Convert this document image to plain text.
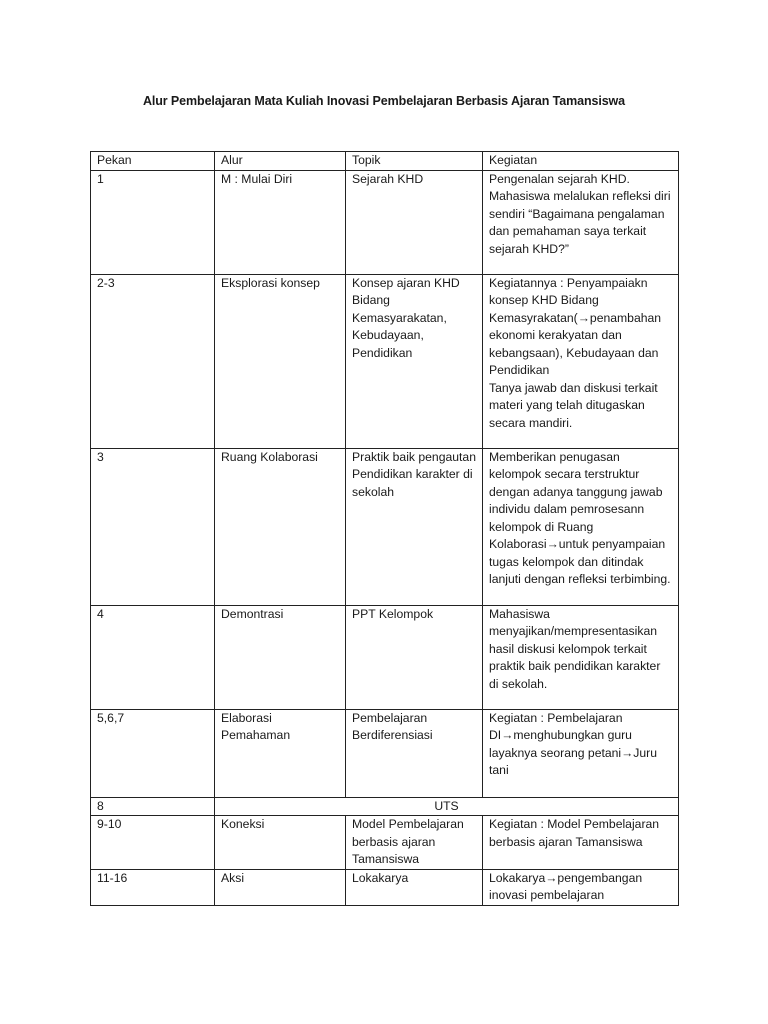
Alur Pembelajaran Mata Kuliah Inovasi Pembelajaran Berbasis Ajaran Tamansiswa
Pekan	Alur	Topik	Kegiatan
1	M : Mulai Diri	Sejarah KHD	Pengenalan sejarah KHD. Mahasiswa melalukan refleksi diri sendiri “Bagaimana pengalaman dan pemahaman saya terkait sejarah KHD?”
2-3	Eksplorasi konsep	Konsep ajaran KHD Bidang Kemasyarakatan, Kebudayaan, Pendidikan	Kegiatannya : Penyampaiakn konsep KHD Bidang Kemasyrakatan(→penambahan ekonomi kerakyatan dan kebangsaan), Kebudayaan dan Pendidikan
Tanya jawab dan diskusi terkait materi yang telah ditugaskan secara mandiri.
3	Ruang Kolaborasi	Praktik baik pengautan Pendidikan karakter di sekolah	Memberikan penugasan kelompok secara terstruktur dengan adanya tanggung jawab individu dalam pemrosesann kelompok di Ruang Kolaborasi→untuk penyampaian tugas kelompok dan ditindak lanjuti dengan refleksi terbimbing.
4	Demontrasi	PPT Kelompok	Mahasiswa menyajikan/mempresentasikan hasil diskusi kelompok terkait praktik baik pendidikan karakter di sekolah.
5,6,7	Elaborasi Pemahaman	Pembelajaran Berdiferensiasi	Kegiatan : Pembelajaran DI→menghubungkan guru layaknya seorang petani→Juru tani
8	UTS		
9-10	Koneksi	Model Pembelajaran berbasis ajaran Tamansiswa	Kegiatan : Model Pembelajaran berbasis ajaran Tamansiswa
11-16	Aksi	Lokakarya	Lokakarya→pengembangan inovasi pembelajaran
